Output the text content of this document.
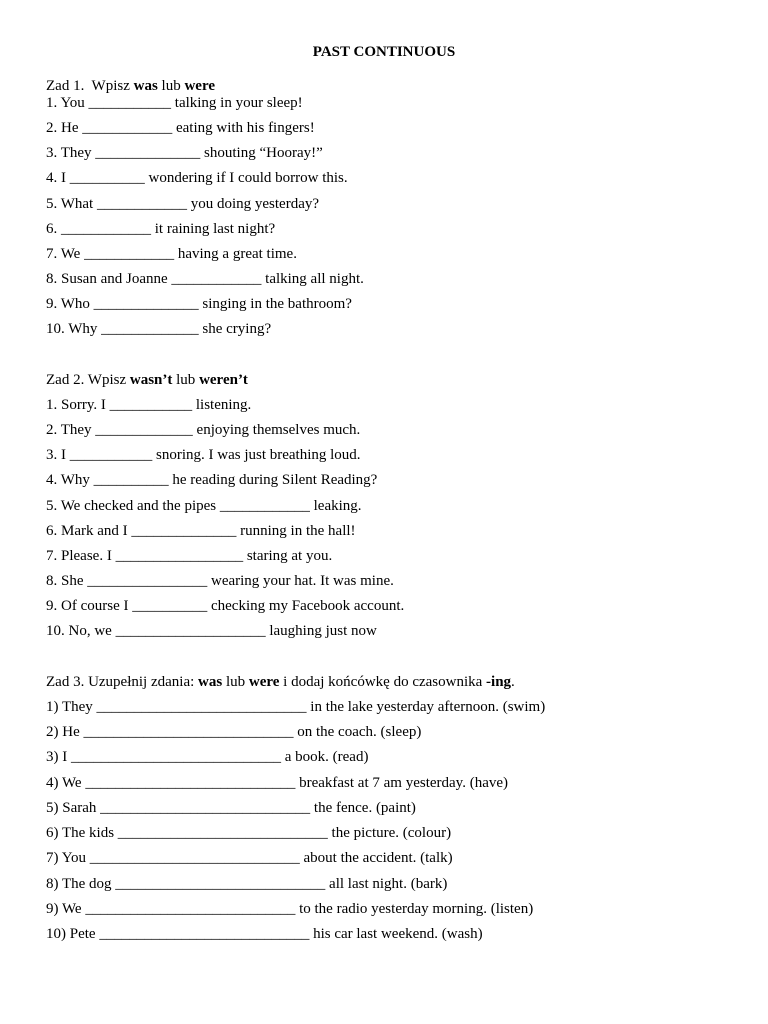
PAST CONTINUOUS
Zad 1.  Wpisz was lub were
1. You ___________ talking in your sleep!
2. He ____________ eating with his fingers!
3. They ______________ shouting “Hooray!”
4. I __________ wondering if I could borrow this.
5. What ____________ you doing yesterday?
6. ____________ it raining last night?
7. We ____________ having a great time.
8. Susan and Joanne ____________ talking all night.
9. Who ______________ singing in the bathroom?
10. Why _____________ she crying?
Zad 2. Wpisz wasn’t lub weren’t
1. Sorry. I ___________ listening.
2. They _____________ enjoying themselves much.
3. I ___________ snoring. I was just breathing loud.
4. Why __________ he reading during Silent Reading?
5. We checked and the pipes ____________ leaking.
6. Mark and I ______________ running in the hall!
7. Please. I _________________ staring at you.
8. She ________________ wearing your hat. It was mine.
9. Of course I __________ checking my Facebook account.
10. No, we ____________________ laughing just now
Zad 3. Uzupełnij zdania: was lub were i dodaj końcówkę do czasownika -ing.
1) They ____________________________ in the lake yesterday afternoon. (swim)
2) He ____________________________ on the coach. (sleep)
3) I ____________________________ a book. (read)
4) We ____________________________ breakfast at 7 am yesterday. (have)
5) Sarah ____________________________ the fence. (paint)
6) The kids ____________________________ the picture. (colour)
7) You ____________________________ about the accident. (talk)
8) The dog ____________________________ all last night. (bark)
9) We ____________________________ to the radio yesterday morning. (listen)
10) Pete ____________________________ his car last weekend. (wash)
